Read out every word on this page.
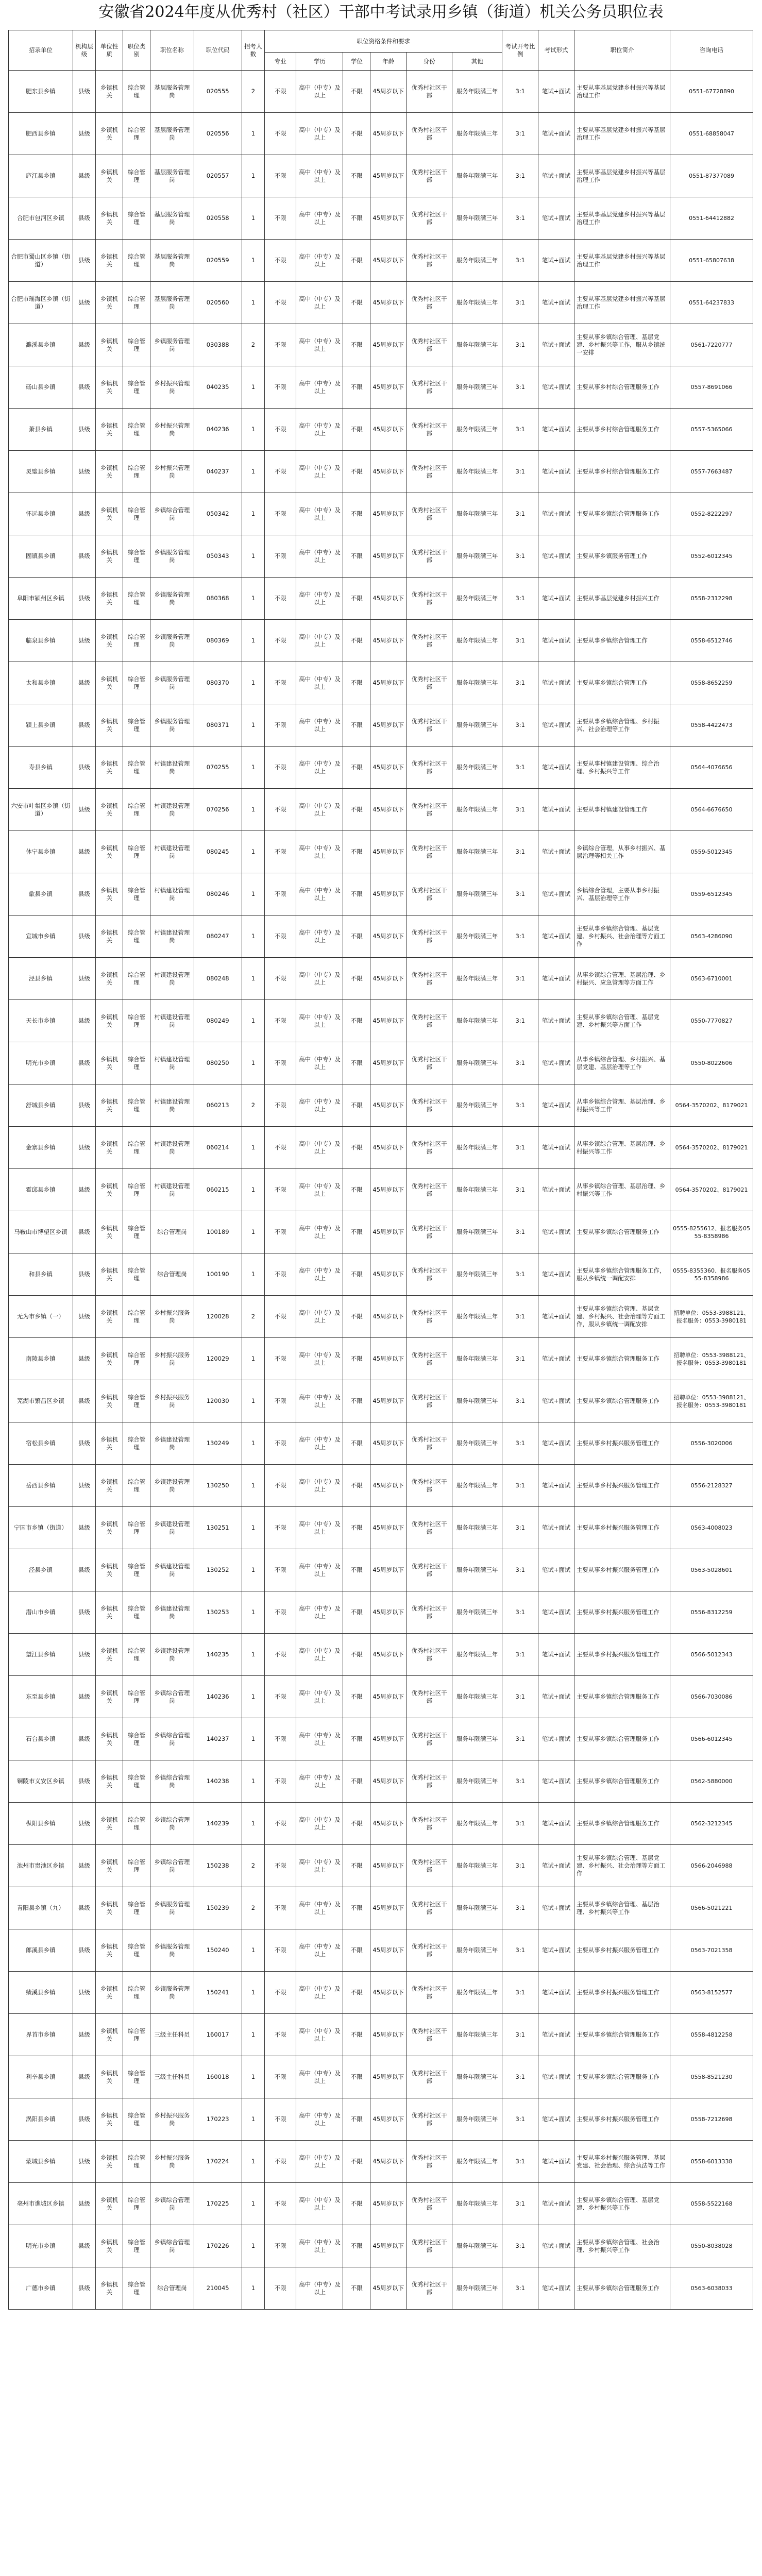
安徽省2024年度从优秀村（社区）干部中考试录用乡镇（街道）机关公务员职位表
招录单位	机构层级	单位性质	职位类别	职位名称	职位代码	招考人数	职位资格条件和要求						考试开考比例	考试形式	职位简介	咨询电话
							专业	学历	学位	年龄	身份	其他				
肥东县乡镇	县级	乡镇机关	综合管理	基层服务管理岗	020555	2	不限	高中（中专）及以上	不限	45周岁以下	优秀村社区干部	服务年限满三年	3:1	笔试+面试	主要从事基层党建乡村振兴等基层治理工作	0551-67728890
肥西县乡镇	县级	乡镇机关	综合管理	基层服务管理岗	020556	1	不限	高中（中专）及以上	不限	45周岁以下	优秀村社区干部	服务年限满三年	3:1	笔试+面试	主要从事基层党建乡村振兴等基层治理工作	0551-68858047
庐江县乡镇	县级	乡镇机关	综合管理	基层服务管理岗	020557	1	不限	高中（中专）及以上	不限	45周岁以下	优秀村社区干部	服务年限满三年	3:1	笔试+面试	主要从事基层党建乡村振兴等基层治理工作	0551-87377089
合肥市包河区乡镇	县级	乡镇机关	综合管理	基层服务管理岗	020558	1	不限	高中（中专）及以上	不限	45周岁以下	优秀村社区干部	服务年限满三年	3:1	笔试+面试	主要从事基层党建乡村振兴等基层治理工作	0551-64412882
合肥市蜀山区乡镇（街道）	县级	乡镇机关	综合管理	基层服务管理岗	020559	1	不限	高中（中专）及以上	不限	45周岁以下	优秀村社区干部	服务年限满三年	3:1	笔试+面试	主要从事基层党建乡村振兴等基层治理工作	0551-65807638
合肥市瑶海区乡镇（街道）	县级	乡镇机关	综合管理	基层服务管理岗	020560	1	不限	高中（中专）及以上	不限	45周岁以下	优秀村社区干部	服务年限满三年	3:1	笔试+面试	主要从事基层党建乡村振兴等基层治理工作	0551-64237833
濉溪县乡镇	县级	乡镇机关	综合管理	乡镇服务管理岗	030388	2	不限	高中（中专）及以上	不限	45周岁以下	优秀村社区干部	服务年限满三年	3:1	笔试+面试	主要从事乡镇综合管理、基层党建、乡村振兴等工作，服从乡镇统一安排	0561-7220777
砀山县乡镇	县级	乡镇机关	综合管理	乡村振兴管理岗	040235	1	不限	高中（中专）及以上	不限	45周岁以下	优秀村社区干部	服务年限满三年	3:1	笔试+面试	主要从事乡村综合管理服务工作	0557-8691066
萧县乡镇	县级	乡镇机关	综合管理	乡村振兴管理岗	040236	1	不限	高中（中专）及以上	不限	45周岁以下	优秀村社区干部	服务年限满三年	3:1	笔试+面试	主要从事乡村综合管理服务工作	0557-5365066
灵璧县乡镇	县级	乡镇机关	综合管理	乡村振兴管理岗	040237	1	不限	高中（中专）及以上	不限	45周岁以下	优秀村社区干部	服务年限满三年	3:1	笔试+面试	主要从事乡村综合管理服务工作	0557-7663487
怀远县乡镇	县级	乡镇机关	综合管理	乡镇综合管理岗	050342	1	不限	高中（中专）及以上	不限	45周岁以下	优秀村社区干部	服务年限满三年	3:1	笔试+面试	主要从事乡镇综合管理服务工作	0552-8222297
固镇县乡镇	县级	乡镇机关	综合管理	乡镇服务管理岗	050343	1	不限	高中（中专）及以上	不限	45周岁以下	优秀村社区干部	服务年限满三年	3:1	笔试+面试	主要从事乡镇服务管理工作	0552-6012345
阜阳市颍州区乡镇	县级	乡镇机关	综合管理	乡镇服务管理岗	080368	1	不限	高中（中专）及以上	不限	45周岁以下	优秀村社区干部	服务年限满三年	3:1	笔试+面试	主要从事基层党建乡村振兴工作	0558-2312298
临泉县乡镇	县级	乡镇机关	综合管理	乡镇服务管理岗	080369	1	不限	高中（中专）及以上	不限	45周岁以下	优秀村社区干部	服务年限满三年	3:1	笔试+面试	主要从事乡镇综合管理工作	0558-6512746
太和县乡镇	县级	乡镇机关	综合管理	乡镇服务管理岗	080370	1	不限	高中（中专）及以上	不限	45周岁以下	优秀村社区干部	服务年限满三年	3:1	笔试+面试	主要从事乡镇综合管理工作	0558-8652259
颍上县乡镇	县级	乡镇机关	综合管理	乡镇服务管理岗	080371	1	不限	高中（中专）及以上	不限	45周岁以下	优秀村社区干部	服务年限满三年	3:1	笔试+面试	主要从事乡镇综合管理、乡村振兴、社会治理等工作	0558-4422473
寿县乡镇	县级	乡镇机关	综合管理	村镇建设管理岗	070255	1	不限	高中（中专）及以上	不限	45周岁以下	优秀村社区干部	服务年限满三年	3:1	笔试+面试	主要从事村镇建设管理、综合治理、乡村振兴等工作	0564-4076656
六安市叶集区乡镇（街道）	县级	乡镇机关	综合管理	村镇建设管理岗	070256	1	不限	高中（中专）及以上	不限	45周岁以下	优秀村社区干部	服务年限满三年	3:1	笔试+面试	主要从事村镇建设管理工作	0564-6676650
休宁县乡镇	县级	乡镇机关	综合管理	村镇建设管理岗	080245	1	不限	高中（中专）及以上	不限	45周岁以下	优秀村社区干部	服务年限满三年	3:1	笔试+面试	乡镇综合管理，从事乡村振兴、基层治理等相关工作	0559-5012345
歙县乡镇	县级	乡镇机关	综合管理	村镇建设管理岗	080246	1	不限	高中（中专）及以上	不限	45周岁以下	优秀村社区干部	服务年限满三年	3:1	笔试+面试	乡镇综合管理，主要从事乡村振兴、基层治理等工作	0559-6512345
宣城市乡镇	县级	乡镇机关	综合管理	村镇建设管理岗	080247	1	不限	高中（中专）及以上	不限	45周岁以下	优秀村社区干部	服务年限满三年	3:1	笔试+面试	主要从事乡镇综合管理、基层党建、乡村振兴、社会治理等方面工作	0563-4286090
泾县乡镇	县级	乡镇机关	综合管理	村镇建设管理岗	080248	1	不限	高中（中专）及以上	不限	45周岁以下	优秀村社区干部	服务年限满三年	3:1	笔试+面试	从事乡镇综合管理、基层治理、乡村振兴、应急管理等方面工作	0563-6710001
天长市乡镇	县级	乡镇机关	综合管理	村镇建设管理岗	080249	1	不限	高中（中专）及以上	不限	45周岁以下	优秀村社区干部	服务年限满三年	3:1	笔试+面试	主要从事乡镇综合管理、基层党建、乡村振兴等方面工作	0550-7770827
明光市乡镇	县级	乡镇机关	综合管理	村镇建设管理岗	080250	1	不限	高中（中专）及以上	不限	45周岁以下	优秀村社区干部	服务年限满三年	3:1	笔试+面试	从事乡镇综合管理、乡村振兴、基层党建、基层治理等工作	0550-8022606
舒城县乡镇	县级	乡镇机关	综合管理	村镇建设管理岗	060213	2	不限	高中（中专）及以上	不限	45周岁以下	优秀村社区干部	服务年限满三年	3:1	笔试+面试	从事乡镇综合管理、基层治理、乡村振兴等工作	0564-3570202、8179021
金寨县乡镇	县级	乡镇机关	综合管理	村镇建设管理岗	060214	1	不限	高中（中专）及以上	不限	45周岁以下	优秀村社区干部	服务年限满三年	3:1	笔试+面试	从事乡镇综合管理、基层治理、乡村振兴等工作	0564-3570202、8179021
霍邱县乡镇	县级	乡镇机关	综合管理	村镇建设管理岗	060215	1	不限	高中（中专）及以上	不限	45周岁以下	优秀村社区干部	服务年限满三年	3:1	笔试+面试	从事乡镇综合管理、基层治理、乡村振兴等工作	0564-3570202、8179021
马鞍山市博望区乡镇	县级	乡镇机关	综合管理	综合管理岗	100189	1	不限	高中（中专）及以上	不限	45周岁以下	优秀村社区干部	服务年限满三年	3:1	笔试+面试	主要从事乡镇综合管理服务工作	0555-8255612、报名服务0555-8358986
和县乡镇	县级	乡镇机关	综合管理	综合管理岗	100190	1	不限	高中（中专）及以上	不限	45周岁以下	优秀村社区干部	服务年限满三年	3:1	笔试+面试	主要从事乡镇综合管理服务工作，服从乡镇统一调配安排	0555-8355360、报名服务0555-8358986
无为市乡镇（一）	县级	乡镇机关	综合管理	乡村振兴服务岗	120028	2	不限	高中（中专）及以上	不限	45周岁以下	优秀村社区干部	服务年限满三年	3:1	笔试+面试	主要从事乡镇综合管理、基层党建、乡村振兴、社会治理等方面工作，服从乡镇统一调配安排	招聘单位：0553-3988121、报名服务：0553-3980181
南陵县乡镇	县级	乡镇机关	综合管理	乡村振兴服务岗	120029	1	不限	高中（中专）及以上	不限	45周岁以下	优秀村社区干部	服务年限满三年	3:1	笔试+面试	主要从事乡镇综合管理服务工作	招聘单位：0553-3988121、报名服务：0553-3980181
芜湖市繁昌区乡镇	县级	乡镇机关	综合管理	乡村振兴服务岗	120030	1	不限	高中（中专）及以上	不限	45周岁以下	优秀村社区干部	服务年限满三年	3:1	笔试+面试	主要从事乡镇综合管理服务工作	招聘单位：0553-3988121、报名服务：0553-3980181
宿松县乡镇	县级	乡镇机关	综合管理	乡镇建设管理岗	130249	1	不限	高中（中专）及以上	不限	45周岁以下	优秀村社区干部	服务年限满三年	3:1	笔试+面试	主要从事乡村振兴服务管理工作	0556-3020006
岳西县乡镇	县级	乡镇机关	综合管理	乡镇建设管理岗	130250	1	不限	高中（中专）及以上	不限	45周岁以下	优秀村社区干部	服务年限满三年	3:1	笔试+面试	主要从事乡村振兴服务管理工作	0556-2128327
宁国市乡镇（街道）	县级	乡镇机关	综合管理	乡镇建设管理岗	130251	1	不限	高中（中专）及以上	不限	45周岁以下	优秀村社区干部	服务年限满三年	3:1	笔试+面试	主要从事乡村振兴服务管理工作	0563-4008023
泾县乡镇	县级	乡镇机关	综合管理	乡镇建设管理岗	130252	1	不限	高中（中专）及以上	不限	45周岁以下	优秀村社区干部	服务年限满三年	3:1	笔试+面试	主要从事乡村振兴服务管理工作	0563-5028601
潜山市乡镇	县级	乡镇机关	综合管理	乡镇建设管理岗	130253	1	不限	高中（中专）及以上	不限	45周岁以下	优秀村社区干部	服务年限满三年	3:1	笔试+面试	主要从事乡村振兴服务管理工作	0556-8312259
望江县乡镇	县级	乡镇机关	综合管理	乡镇建设管理岗	140235	1	不限	高中（中专）及以上	不限	45周岁以下	优秀村社区干部	服务年限满三年	3:1	笔试+面试	主要从事乡村振兴服务管理工作	0566-5012343
东至县乡镇	县级	乡镇机关	综合管理	乡镇综合管理岗	140236	1	不限	高中（中专）及以上	不限	45周岁以下	优秀村社区干部	服务年限满三年	3:1	笔试+面试	主要从事乡镇综合管理服务工作	0566-7030086
石台县乡镇	县级	乡镇机关	综合管理	乡镇综合管理岗	140237	1	不限	高中（中专）及以上	不限	45周岁以下	优秀村社区干部	服务年限满三年	3:1	笔试+面试	主要从事乡镇综合管理服务工作	0566-6012345
铜陵市义安区乡镇	县级	乡镇机关	综合管理	乡镇综合管理岗	140238	1	不限	高中（中专）及以上	不限	45周岁以下	优秀村社区干部	服务年限满三年	3:1	笔试+面试	主要从事乡镇综合管理服务工作	0562-5880000
枞阳县乡镇	县级	乡镇机关	综合管理	乡镇综合管理岗	140239	1	不限	高中（中专）及以上	不限	45周岁以下	优秀村社区干部	服务年限满三年	3:1	笔试+面试	主要从事乡镇综合管理服务工作	0562-3212345
池州市贵池区乡镇	县级	乡镇机关	综合管理	乡镇综合管理岗	150238	2	不限	高中（中专）及以上	不限	45周岁以下	优秀村社区干部	服务年限满三年	3:1	笔试+面试	主要从事乡镇综合管理、基层党建、乡村振兴、社会治理等方面工作	0566-2046988
青阳县乡镇（九）	县级	乡镇机关	综合管理	乡镇服务管理岗	150239	2	不限	高中（中专）及以上	不限	45周岁以下	优秀村社区干部	服务年限满三年	3:1	笔试+面试	主要从事乡镇综合管理、基层治理、乡村振兴等工作	0566-5021221
郎溪县乡镇	县级	乡镇机关	综合管理	乡镇服务管理岗	150240	1	不限	高中（中专）及以上	不限	45周岁以下	优秀村社区干部	服务年限满三年	3:1	笔试+面试	主要从事乡村振兴服务管理工作	0563-7021358
绩溪县乡镇	县级	乡镇机关	综合管理	乡镇服务管理岗	150241	1	不限	高中（中专）及以上	不限	45周岁以下	优秀村社区干部	服务年限满三年	3:1	笔试+面试	主要从事乡村振兴服务管理工作	0563-8152577
界首市乡镇	县级	乡镇机关	综合管理	三级主任科员	160017	1	不限	高中（中专）及以上	不限	45周岁以下	优秀村社区干部	服务年限满三年	3:1	笔试+面试	主要从事乡镇综合管理服务工作	0558-4812258
利辛县乡镇	县级	乡镇机关	综合管理	三级主任科员	160018	1	不限	高中（中专）及以上	不限	45周岁以下	优秀村社区干部	服务年限满三年	3:1	笔试+面试	主要从事乡镇综合管理服务工作	0558-8521230
涡阳县乡镇	县级	乡镇机关	综合管理	乡村振兴服务岗	170223	1	不限	高中（中专）及以上	不限	45周岁以下	优秀村社区干部	服务年限满三年	3:1	笔试+面试	主要从事乡村振兴服务管理工作	0558-7212698
蒙城县乡镇	县级	乡镇机关	综合管理	乡村振兴服务岗	170224	1	不限	高中（中专）及以上	不限	45周岁以下	优秀村社区干部	服务年限满三年	3:1	笔试+面试	主要从事乡村振兴服务管理、基层党建、社会治理、综合执法等工作	0558-6013338
亳州市谯城区乡镇	县级	乡镇机关	综合管理	乡镇综合管理岗	170225	1	不限	高中（中专）及以上	不限	45周岁以下	优秀村社区干部	服务年限满三年	3:1	笔试+面试	主要从事乡镇综合管理、基层党建、乡村振兴等工作	0558-5522168
明光市乡镇	县级	乡镇机关	综合管理	乡镇综合管理岗	170226	1	不限	高中（中专）及以上	不限	45周岁以下	优秀村社区干部	服务年限满三年	3:1	笔试+面试	主要从事乡镇综合管理、社会治理、乡村振兴等工作	0550-8038028
广德市乡镇	县级	乡镇机关	综合管理	综合管理岗	210045	1	不限	高中（中专）及以上	不限	45周岁以下	优秀村社区干部	服务年限满三年	3:1	笔试+面试	主要从事乡镇综合管理服务工作	0563-6038033
